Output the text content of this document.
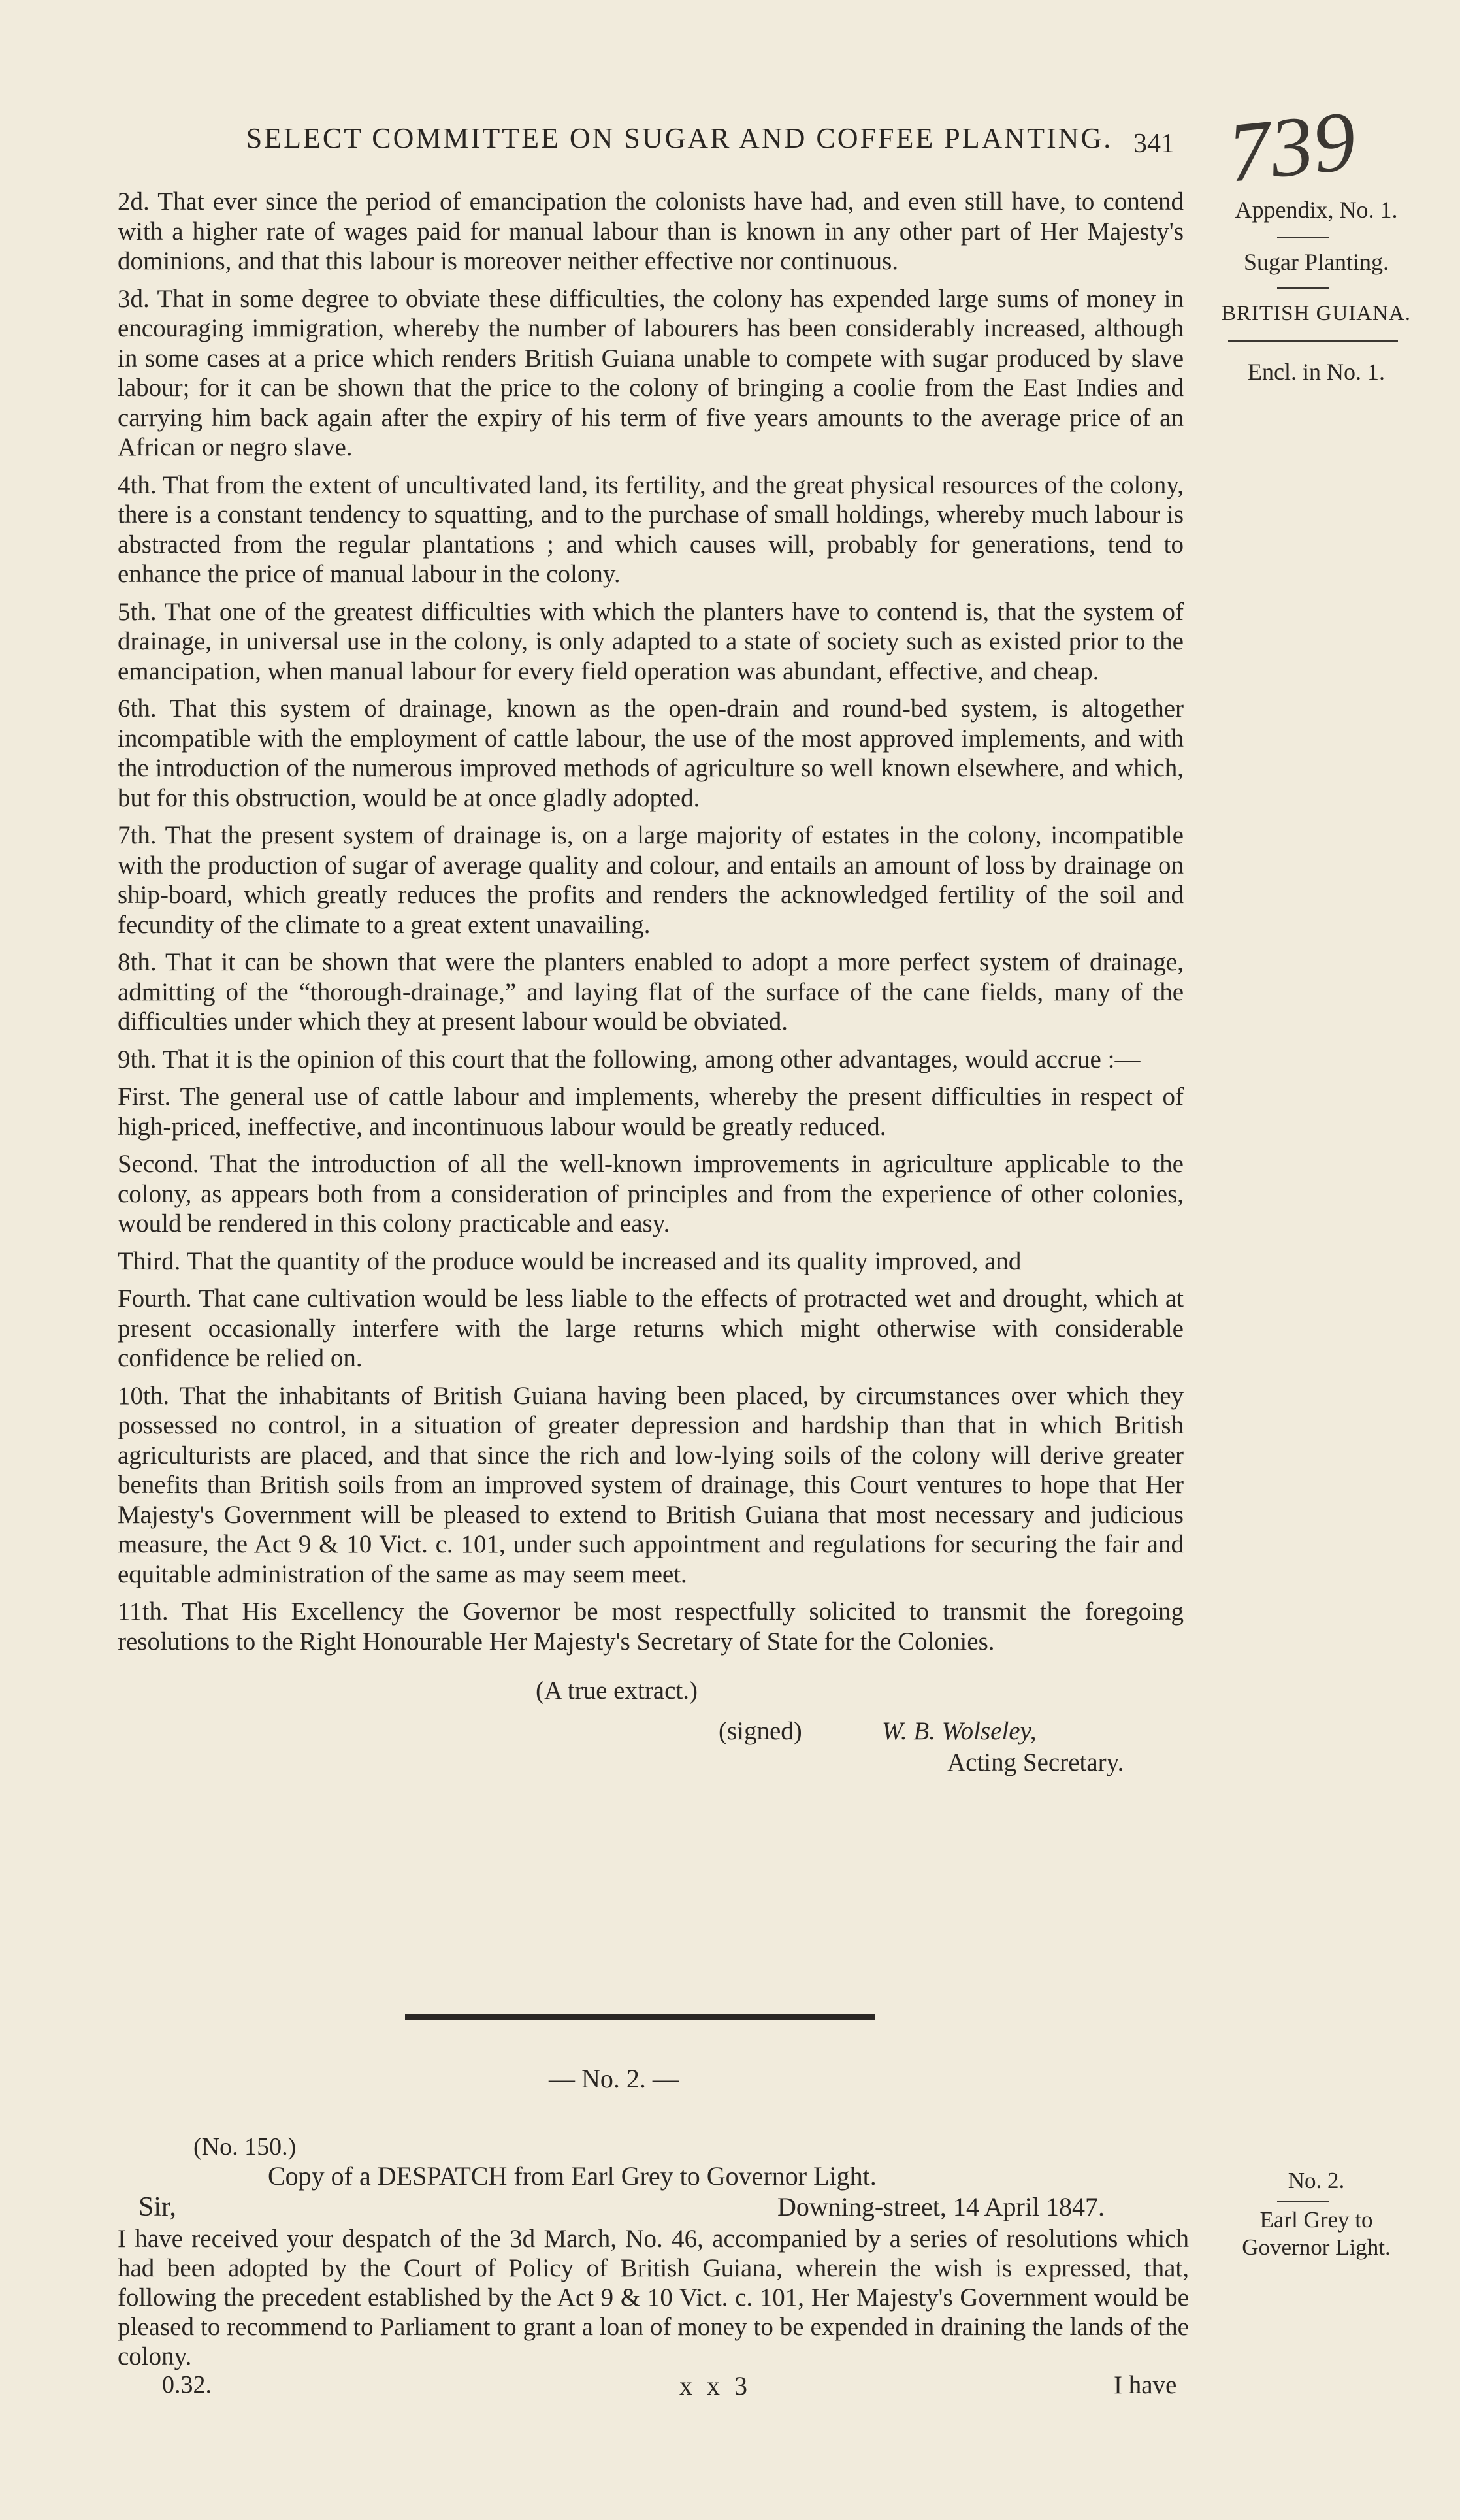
SELECT COMMITTEE ON SUGAR AND COFFEE PLANTING. 341 739
Appendix, No. 1.
Sugar Planting.
BRITISH GUIANA.
Encl. in No. 1.

2d. That ever since the period of emancipation the colonists have had, and even still have, to contend with a higher rate of wages paid for manual labour than is known in any other part of Her Majesty's dominions, and that this labour is moreover neither effective nor continuous.

3d. That in some degree to obviate these difficulties, the colony has expended large sums of money in encouraging immigration, whereby the number of labourers has been considerably increased, although in some cases at a price which renders British Guiana unable to compete with sugar produced by slave labour; for it can be shown that the price to the colony of bringing a coolie from the East Indies and carrying him back again after the expiry of his term of five years amounts to the average price of an African or negro slave.

4th. That from the extent of uncultivated land, its fertility, and the great physical resources of the colony, there is a constant tendency to squatting, and to the purchase of small holdings, whereby much labour is abstracted from the regular plantations ; and which causes will, probably for generations, tend to enhance the price of manual labour in the colony.

5th. That one of the greatest difficulties with which the planters have to contend is, that the system of drainage, in universal use in the colony, is only adapted to a state of society such as existed prior to the emancipation, when manual labour for every field operation was abundant, effective, and cheap.

6th. That this system of drainage, known as the open-drain and round-bed system, is altogether incompatible with the employment of cattle labour, the use of the most approved implements, and with the introduction of the numerous improved methods of agriculture so well known elsewhere, and which, but for this obstruction, would be at once gladly adopted.

7th. That the present system of drainage is, on a large majority of estates in the colony, incompatible with the production of sugar of average quality and colour, and entails an amount of loss by drainage on ship-board, which greatly reduces the profits and renders the acknowledged fertility of the soil and fecundity of the climate to a great extent unavailing.

8th. That it can be shown that were the planters enabled to adopt a more perfect system of drainage, admitting of the “thorough-drainage,” and laying flat of the surface of the cane fields, many of the difficulties under which they at present labour would be obviated.

9th. That it is the opinion of this court that the following, among other advantages, would accrue :—

First. The general use of cattle labour and implements, whereby the present difficulties in respect of high-priced, ineffective, and incontinuous labour would be greatly reduced.

Second. That the introduction of all the well-known improvements in agriculture applicable to the colony, as appears both from a consideration of principles and from the experience of other colonies, would be rendered in this colony practicable and easy.

Third. That the quantity of the produce would be increased and its quality improved, and

Fourth. That cane cultivation would be less liable to the effects of protracted wet and drought, which at present occasionally interfere with the large returns which might otherwise with considerable confidence be relied on.

10th. That the inhabitants of British Guiana having been placed, by circumstances over which they possessed no control, in a situation of greater depression and hardship than that in which British agriculturists are placed, and that since the rich and low-lying soils of the colony will derive greater benefits than British soils from an improved system of drainage, this Court ventures to hope that Her Majesty's Government will be pleased to extend to British Guiana that most necessary and judicious measure, the Act 9 & 10 Vict. c. 101, under such appointment and regulations for securing the fair and equitable administration of the same as may seem meet.

11th. That His Excellency the Governor be most respectfully solicited to transmit the foregoing resolutions to the Right Honourable Her Majesty's Secretary of State for the Colonies.

(A true extract.)
(signed)	W. B. Wolseley,
Acting Secretary.
— No. 2. —
(No. 150.)
Copy of a DESPATCH from Earl Grey to Governor Light.	No. 2.
Earl Grey to
Governor Light.
Sir,	Downing-street, 14 April 1847.
I have received your despatch of the 3d March, No. 46, accompanied by a series of resolutions which had been adopted by the Court of Policy of British Guiana, wherein the wish is expressed, that, following the precedent established by the Act 9 & 10 Vict. c. 101, Her Majesty's Government would be pleased to recommend to Parliament to grant a loan of money to be expended in draining the lands of the colony.
0.32.	x x 3	I have
